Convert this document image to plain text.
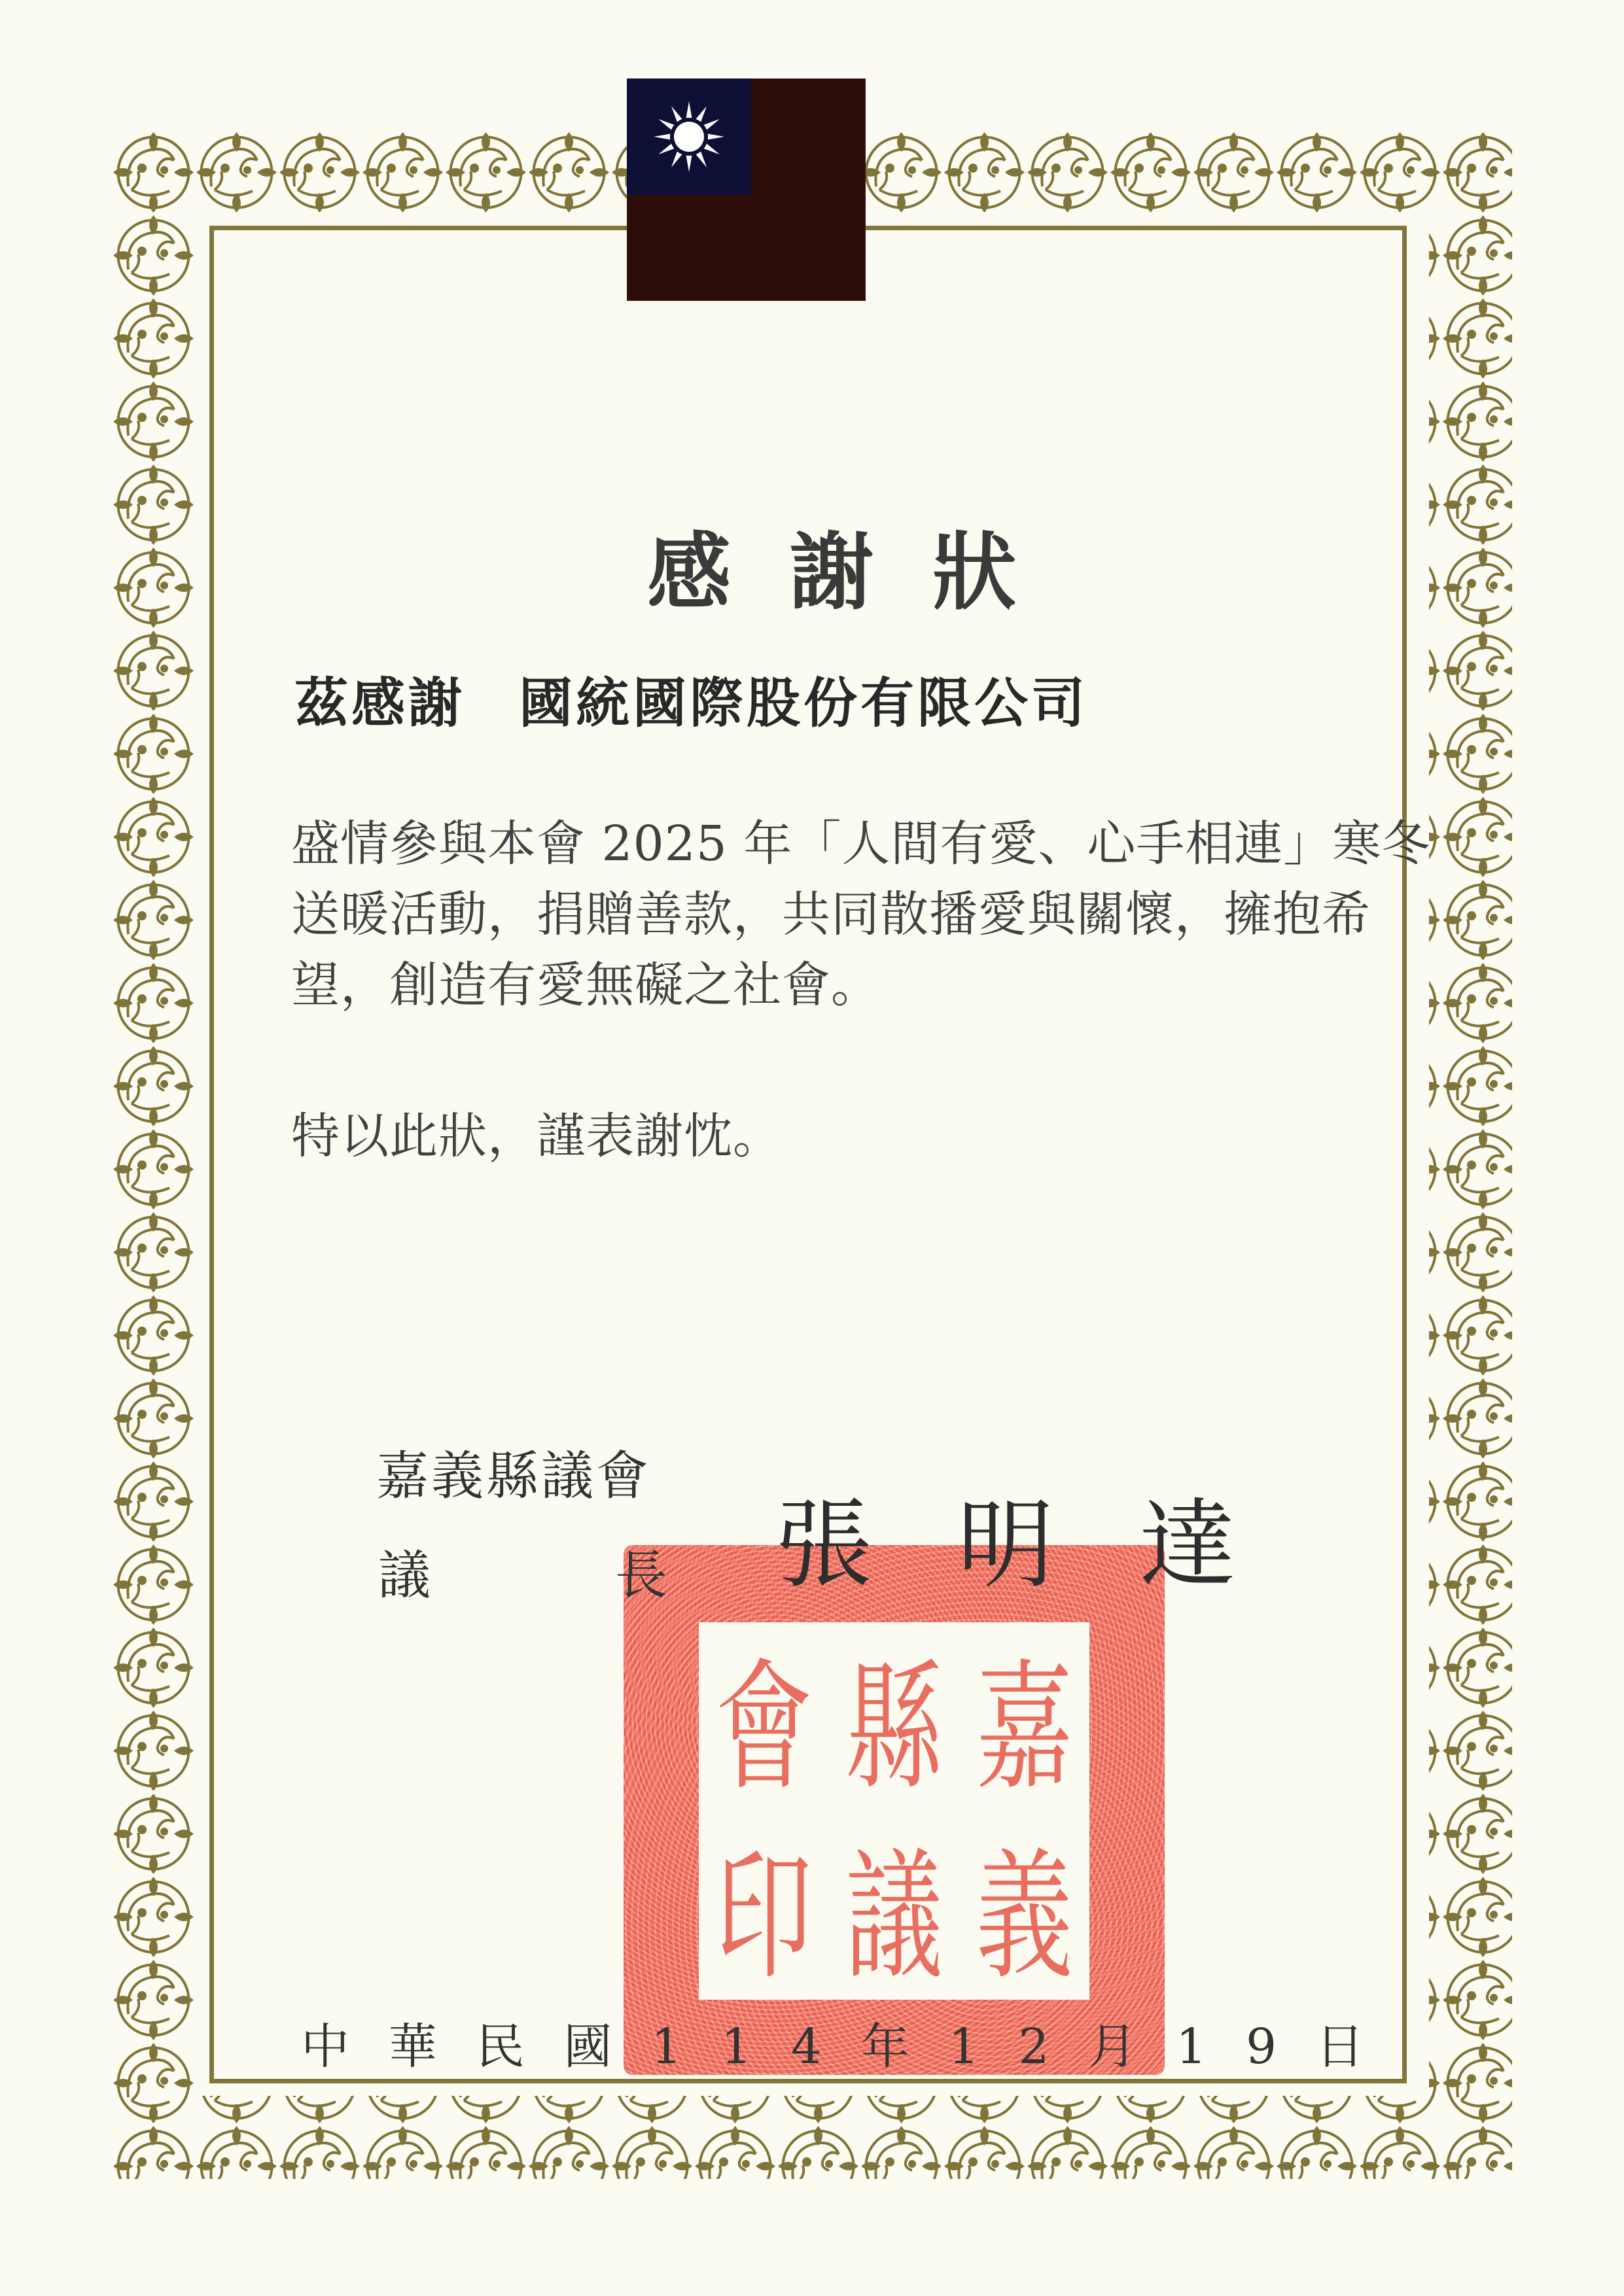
感謝狀
茲感謝 國統國際股份有限公司
盛情參與本會 2025 年「人間有愛、心手相連」寒冬
送暖活動，捐贈善款，共同散播愛與關懷，擁抱希
望，創造有愛無礙之社會。
特以此狀，謹表謝忱。
嘉義縣議會
議長
張明達
嘉
義
縣
議
會
印
中 華 民 國 1 1 4 年 1 2 月 1 9 日
